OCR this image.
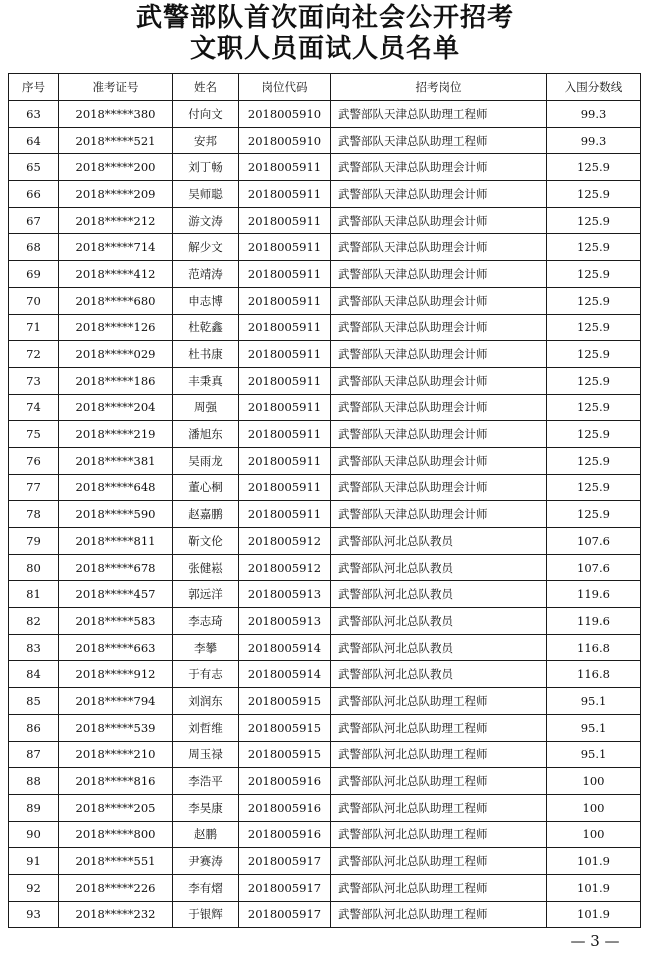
武警部队首次面向社会公开招考
文职人员面试人员名单
序号	准考证号	姓名	岗位代码	招考岗位	入围分数线
63	2018*****380	付向文	2018005910	武警部队天津总队助理工程师	99.3
64	2018*****521	安邦	2018005910	武警部队天津总队助理工程师	99.3
65	2018*****200	刘丁畅	2018005911	武警部队天津总队助理会计师	125.9
66	2018*****209	吴师聪	2018005911	武警部队天津总队助理会计师	125.9
67	2018*****212	游文涛	2018005911	武警部队天津总队助理会计师	125.9
68	2018*****714	解少文	2018005911	武警部队天津总队助理会计师	125.9
69	2018*****412	范靖涛	2018005911	武警部队天津总队助理会计师	125.9
70	2018*****680	申志博	2018005911	武警部队天津总队助理会计师	125.9
71	2018*****126	杜乾鑫	2018005911	武警部队天津总队助理会计师	125.9
72	2018*****029	杜书康	2018005911	武警部队天津总队助理会计师	125.9
73	2018*****186	丰秉真	2018005911	武警部队天津总队助理会计师	125.9
74	2018*****204	周强	2018005911	武警部队天津总队助理会计师	125.9
75	2018*****219	潘旭东	2018005911	武警部队天津总队助理会计师	125.9
76	2018*****381	吴雨龙	2018005911	武警部队天津总队助理会计师	125.9
77	2018*****648	董心桐	2018005911	武警部队天津总队助理会计师	125.9
78	2018*****590	赵嘉鹏	2018005911	武警部队天津总队助理会计师	125.9
79	2018*****811	靳文伦	2018005912	武警部队河北总队教员	107.6
80	2018*****678	张健崧	2018005912	武警部队河北总队教员	107.6
81	2018*****457	郭远洋	2018005913	武警部队河北总队教员	119.6
82	2018*****583	李志琦	2018005913	武警部队河北总队教员	119.6
83	2018*****663	李攀	2018005914	武警部队河北总队教员	116.8
84	2018*****912	于有志	2018005914	武警部队河北总队教员	116.8
85	2018*****794	刘润东	2018005915	武警部队河北总队助理工程师	95.1
86	2018*****539	刘哲维	2018005915	武警部队河北总队助理工程师	95.1
87	2018*****210	周玉禄	2018005915	武警部队河北总队助理工程师	95.1
88	2018*****816	李浩平	2018005916	武警部队河北总队助理工程师	100
89	2018*****205	李昊康	2018005916	武警部队河北总队助理工程师	100
90	2018*****800	赵鹏	2018005916	武警部队河北总队助理工程师	100
91	2018*****551	尹赛涛	2018005917	武警部队河北总队助理工程师	101.9
92	2018*****226	李有熠	2018005917	武警部队河北总队助理工程师	101.9
93	2018*****232	于银辉	2018005917	武警部队河北总队助理工程师	101.9
— 3 —
